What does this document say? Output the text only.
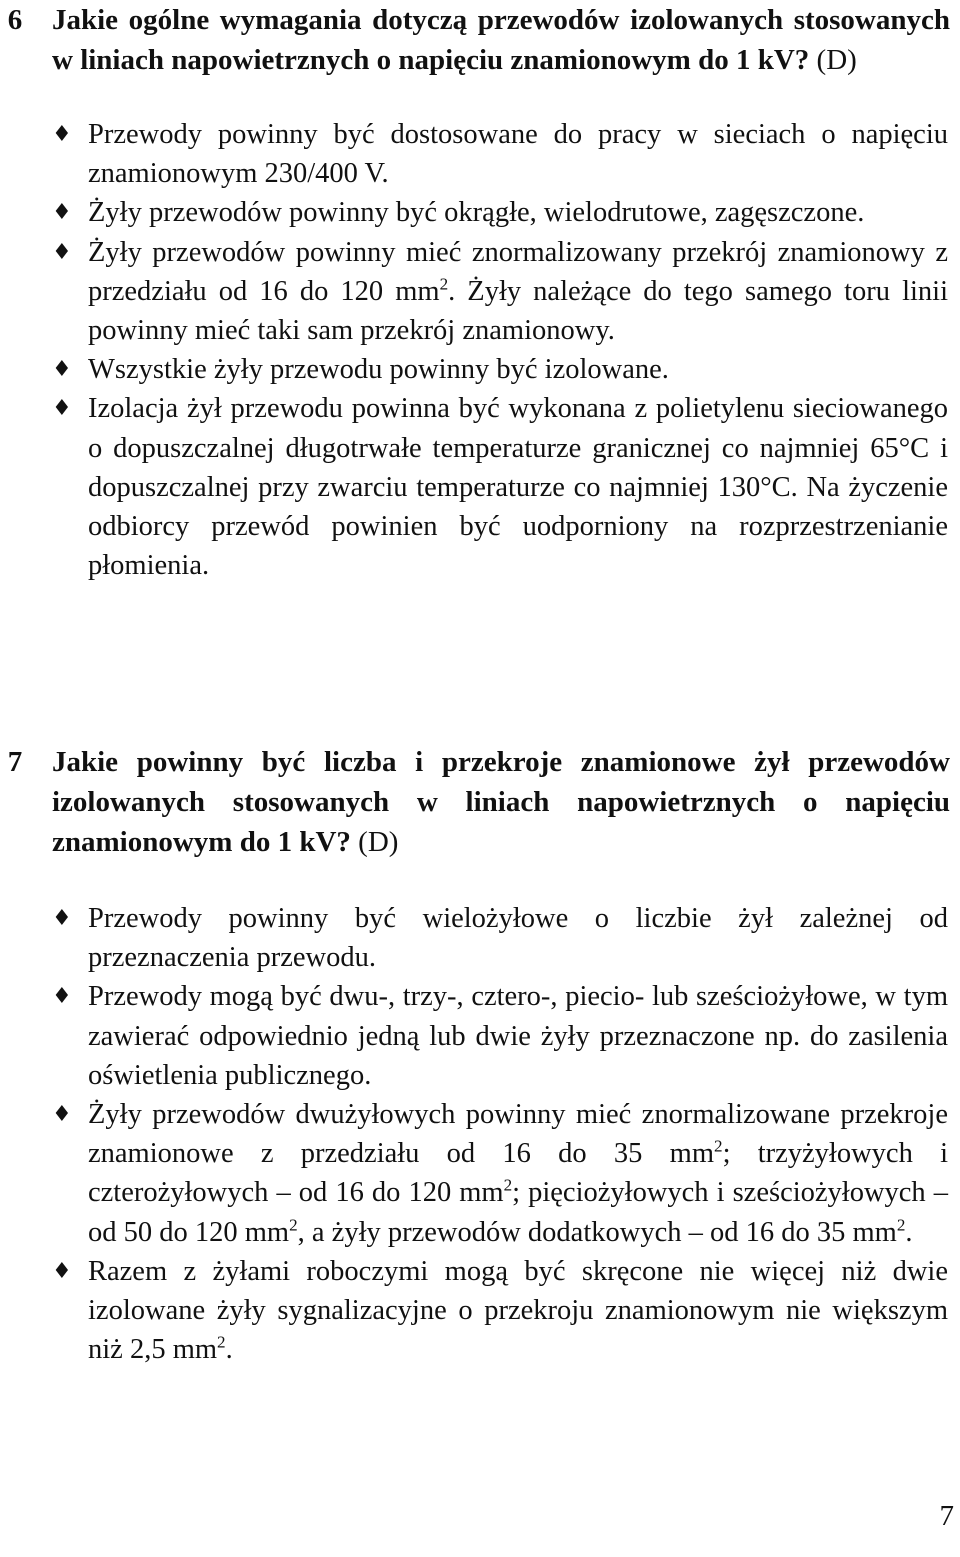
6 Jakie ogólne wymagania dotyczą przewodów izolowanych stosowanych w liniach napowietrznych o napięciu znamionowym do 1 kV? (D)
♦ Przewody powinny być dostosowane do pracy w sieciach o napięciu znamionowym 230/400 V.
♦ Żyły przewodów powinny być okrągłe, wielodrutowe, zagęszczone.
♦ Żyły przewodów powinny mieć znormalizowany przekrój znamionowy z przedziału od 16 do 120 $mm^2$. Żyły należące do tego samego toru linii powinny mieć taki sam przekrój znamionowy.
♦ Wszystkie żyły przewodu powinny być izolowane.
♦ Izolacja żył przewodu powinna być wykonana z polietylenu sieciowanego o dopuszczalnej długotrwałe temperaturze granicznej co najmniej 65°C i dopuszczalnej przy zwarciu temperaturze co najmniej 130°C. Na życzenie odbiorcy przewód powinien być uodporniony na rozprzestrzenianie płomienia.
7 Jakie powinny być liczba i przekroje znamionowe żył przewodów izolowanych stosowanych w liniach napowietrznych o napięciu znamionowym do 1 kV? (D)
♦ Przewody powinny być wielożyłowe o liczbie żył zależnej od przeznaczenia przewodu.
♦ Przewody mogą być dwu-, trzy-, cztero-, piecio- lub sześciożyłowe, w tym zawierać odpowiednio jedną lub dwie żyły przeznaczone np. do zasilenia oświetlenia publicznego.
♦ Żyły przewodów dwużyłowych powinny mieć znormalizowane przekroje znamionowe z przedziału od 16 do 35 $mm^2$; trzyżyłowych i czterożyłowych – od 16 do 120 $mm^2$; pięciożyłowych i sześciożyłowych – od 50 do 120 $mm^2$, a żyły przewodów dodatkowych – od 16 do 35 $mm^2$.
♦ Razem z żyłami roboczymi mogą być skręcone nie więcej niż dwie izolowane żyły sygnalizacyjne o przekroju znamionowym nie większym niż 2,5 $mm^2$.
7
